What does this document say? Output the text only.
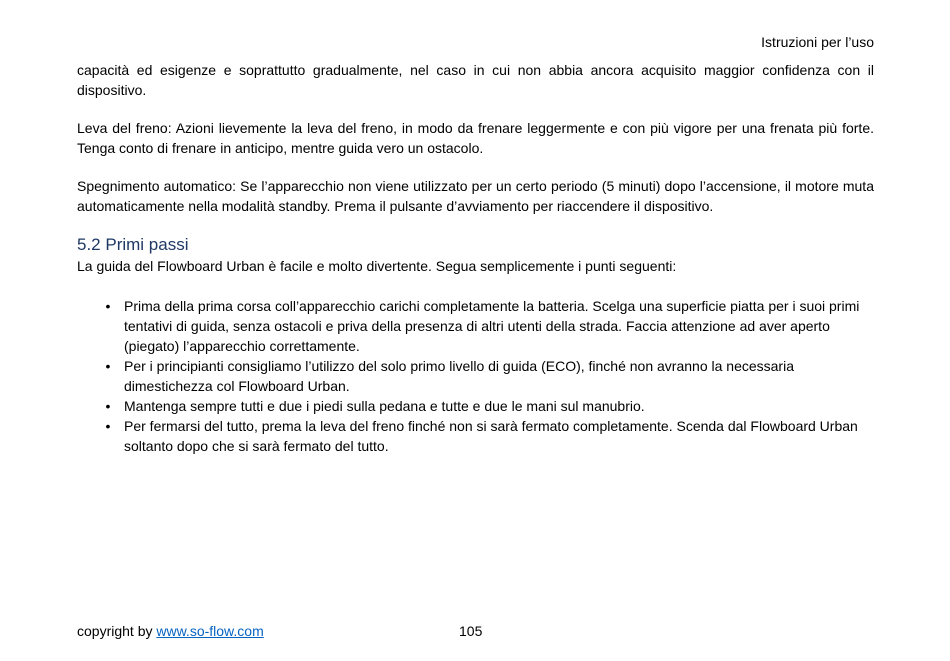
Istruzioni per l’uso

capacità ed esigenze e soprattutto gradualmente, nel caso in cui non abbia ancora acquisito maggior confidenza con il dispositivo.

Leva del freno: Azioni lievemente la leva del freno, in modo da frenare leggermente e con più vigore per una frenata più forte. Tenga conto di frenare in anticipo, mentre guida vero un ostacolo.

Spegnimento automatico: Se l’apparecchio non viene utilizzato per un certo periodo (5 minuti) dopo l’accensione, il motore muta automaticamente nella modalità standby. Prema il pulsante d’avviamento per riaccendere il dispositivo.

5.2 Primi passi

La guida del Flowboard Urban è facile e molto divertente. Segua semplicemente i punti seguenti:

• Prima della prima corsa coll’apparecchio carichi completamente la batteria. Scelga una superficie piatta per i suoi primi tentativi di guida, senza ostacoli e priva della presenza di altri utenti della strada. Faccia attenzione ad aver aperto (piegato) l’apparecchio correttamente.
• Per i principianti consigliamo l’utilizzo del solo primo livello di guida (ECO), finché non avranno la necessaria dimestichezza col Flowboard Urban.
• Mantenga sempre tutti e due i piedi sulla pedana e tutte e due le mani sul manubrio.
• Per fermarsi del tutto, prema la leva del freno finché non si sarà fermato completamente. Scenda dal Flowboard Urban soltanto dopo che si sarà fermato del tutto.
copyright by www.so-flow.com	105
